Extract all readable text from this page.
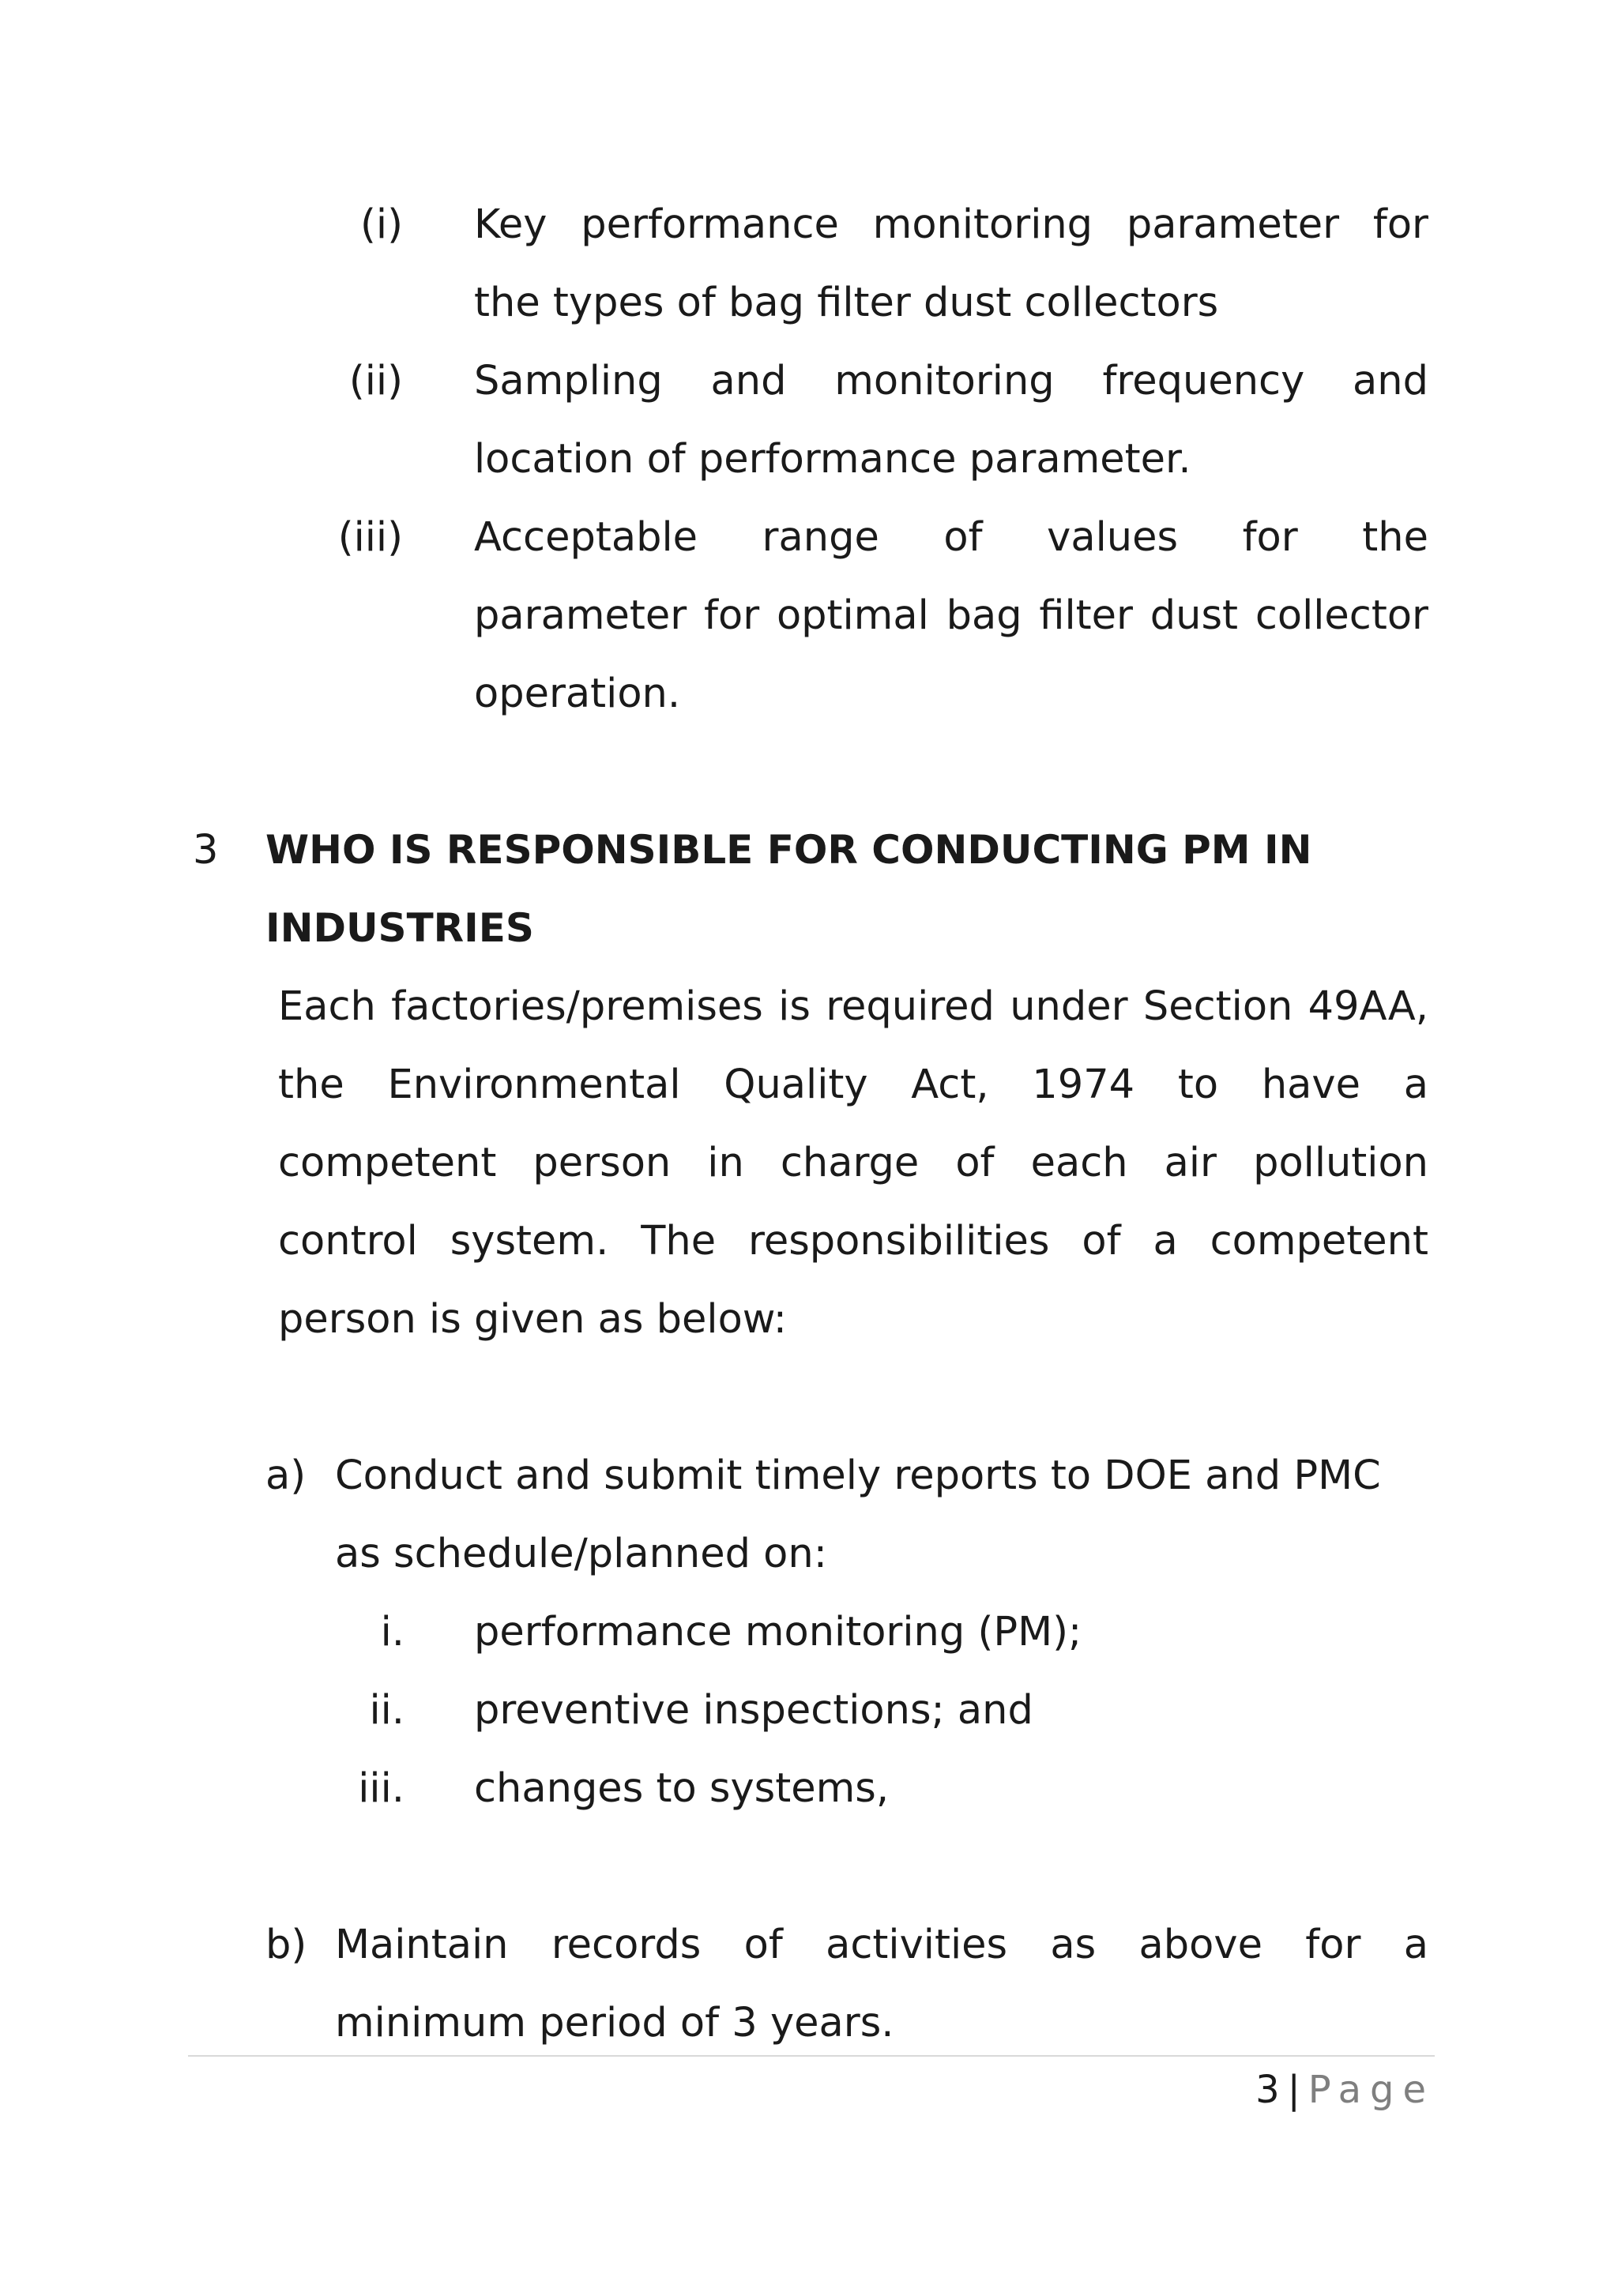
(i) Key performance monitoring parameter for
the types of bag filter dust collectors
(ii) Sampling and monitoring frequency and
location of performance parameter.
(iii) Acceptable range of values for the
parameter for optimal bag filter dust collector
operation.
3 WHO IS RESPONSIBLE FOR CONDUCTING PM IN
INDUSTRIES
Each factories/premises is required under Section 49AA,
the Environmental Quality Act, 1974 to have a
competent person in charge of each air pollution
control system. The responsibilities of a competent
person is given as below:
a) Conduct and submit timely reports to DOE and PMC
as schedule/planned on:
i. performance monitoring (PM);
ii. preventive inspections; and
iii. changes to systems,
b) Maintain records of activities as above for a
minimum period of 3 years.
3 | Page
